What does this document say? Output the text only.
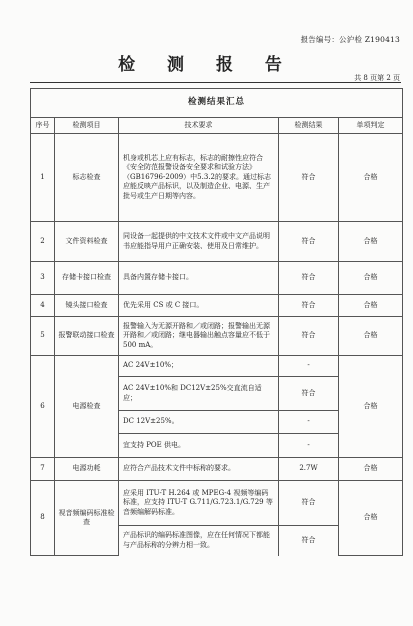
报告编号：公沪检 Z190413
检 测 报 告
共 8 页第 2 页
检测结果汇总				
序号	检测项目	技术要求	检测结果	单项判定
1	标志检查	机身或机芯上应有标志，标志的耐擦性应符合《安全防范报警设备安全要求和试验方法》（GB16796-2009）中5.3.2的要求。通过标志应能反映产品标识，以及制造企业、电源、生产批号或生产日期等内容。	符合	合格
2	文件资料检查	同设备一起提供的中文技术文件或中文产品说明书应能指导用户正确安装、使用及日常维护。	符合	合格
3	存储卡接口检查	具备内置存储卡接口。	符合	合格
4	镜头接口检查	优先采用 CS 或 C 接口。	符合	合格
5	报警联动接口检查	报警输入为无源开路和／或闭路；报警输出无源开路和／或闭路；继电器输出触点容量应不低于 500 mA。	符合	合格
6	电源检查	AC 24V±10%；	-	合格
		AC 24V±10%和 DC12V±25%交直流自适应；	符合	
		DC 12V±25%。	-	
		宜支持 POE 供电。	-	
7	电源功耗	应符合产品技术文件中标称的要求。	2.7W	合格
8	视音频编码标准检查	应采用 ITU-T H.264 或 MPEG-4 视频等编码标准，应支持 ITU-T G.711/G.723.1/G.729 等音频编解码标准。	符合	合格
		产品标识的编码标准图像，应在任何情况下都能与产品标称的分辨力相一致。	符合	
